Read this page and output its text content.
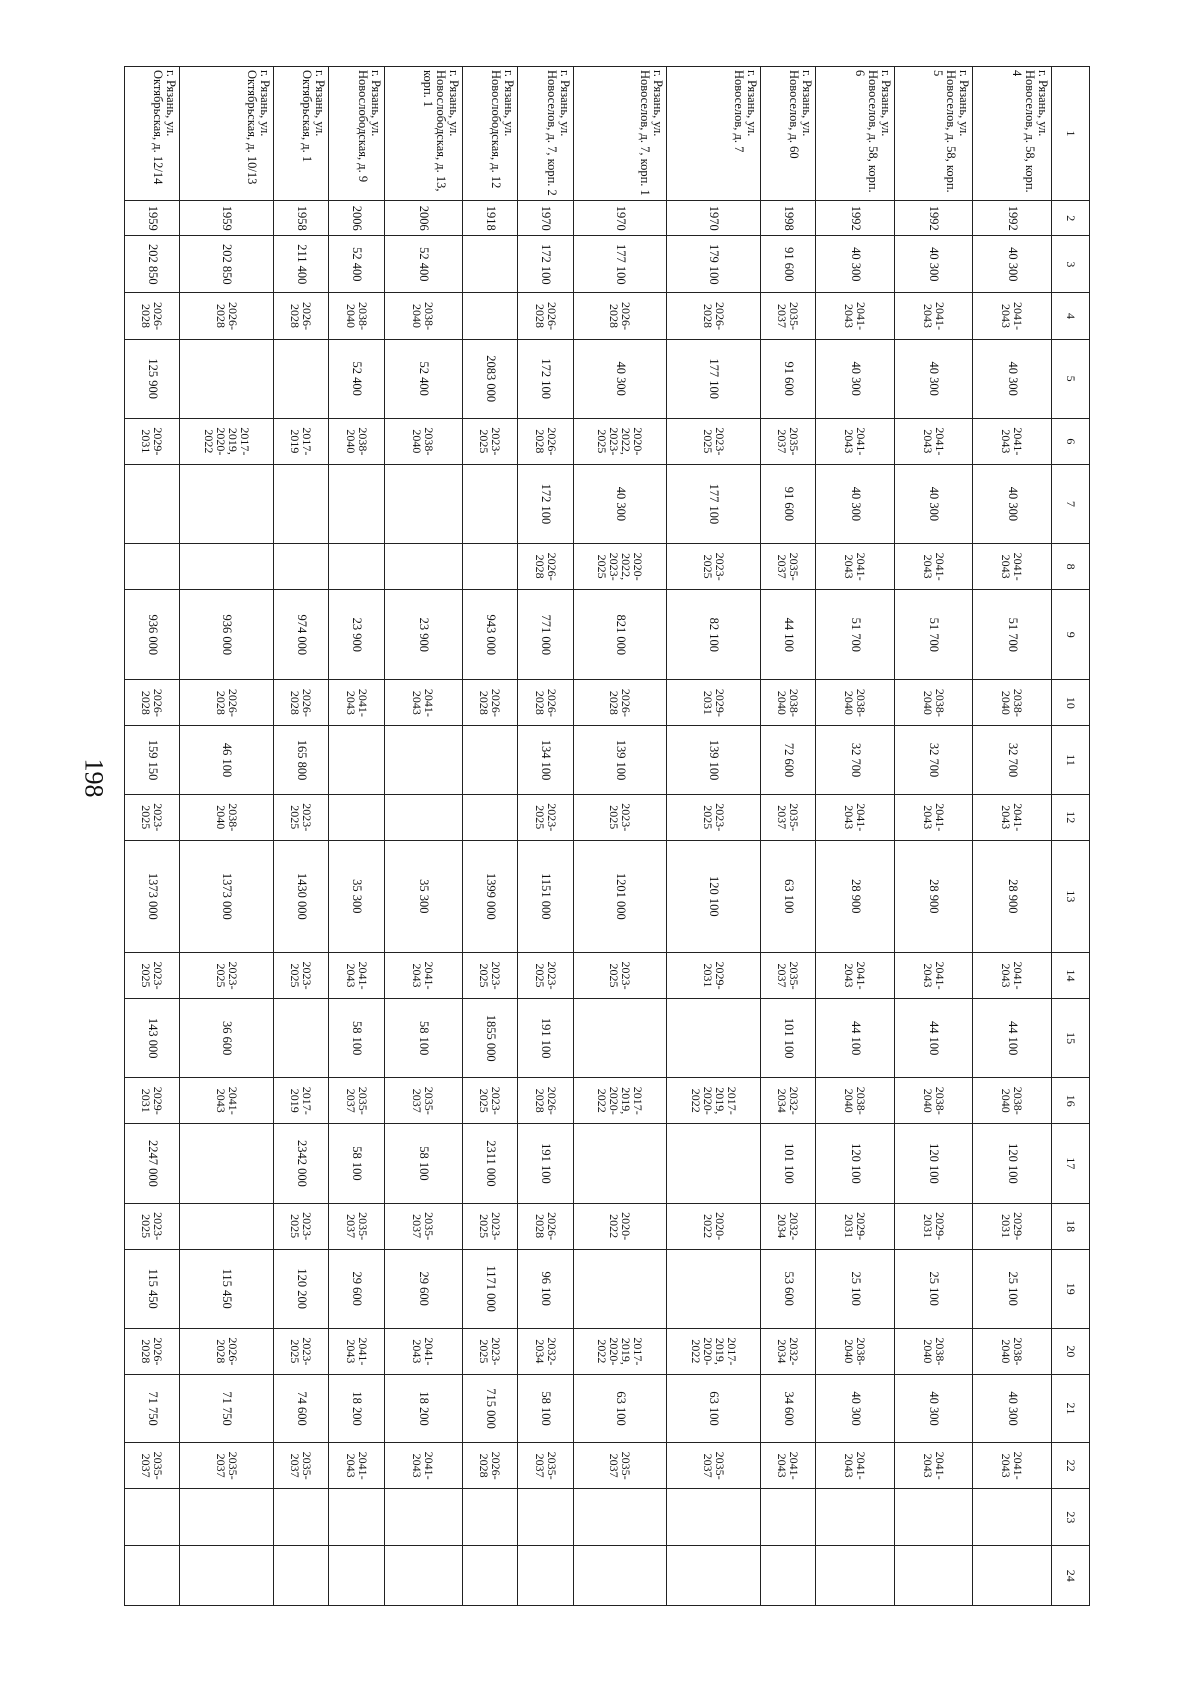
198
1	2	3	4	5	6	7	8	9	10	11	12	13	14	15	16	17	18	19	20	21	22	23	24
г. Рязань, ул. Новоселов, д. 58, корп. 4	1992	40 300	2041-2043	40 300	2041-2043	40 300	2041-2043	51 700	2038-2040	32 700	2041-2043	28 900	2041-2043	44 100	2038-2040	120 100	2029-2031	25 100	2038-2040	40 300	2041-2043		
г. Рязань, ул. Новоселов, д. 58, корп. 5	1992	40 300	2041-2043	40 300	2041-2043	40 300	2041-2043	51 700	2038-2040	32 700	2041-2043	28 900	2041-2043	44 100	2038-2040	120 100	2029-2031	25 100	2038-2040	40 300	2041-2043		
г. Рязань, ул. Новоселов, д. 58, корп. 6	1992	40 300	2041-2043	40 300	2041-2043	40 300	2041-2043	51 700	2038-2040	32 700	2041-2043	28 900	2041-2043	44 100	2038-2040	120 100	2029-2031	25 100	2038-2040	40 300	2041-2043		
г. Рязань, ул. Новоселов, д. 60	1998	91 600	2035-2037	91 600	2035-2037	91 600	2035-2037	44 100	2038-2040	72 600	2035-2037	63 100	2035-2037	101 100	2032-2034	101 100	2032-2034	53 600	2032-2034	34 600	2041-2043		
г. Рязань, ул. Новоселов, д. 7	1970	179 100	2026-2028	177 100	2023-2025	177 100	2023-2025	82 100	2029-2031	139 100	2023-2025	120 100	2029-2031		2017-2019, 2020-2022		2020-2022		2017-2019, 2020-2022	63 100	2035-2037		
г. Рязань, ул. Новоселов, д. 7, корп. 1	1970	177 100	2026-2028	40 300	2020-2022, 2023-2025	40 300	2020-2022, 2023-2025	821 000	2026-2028	139 100	2023-2025	1201 000	2023-2025		2017-2019, 2020-2022		2020-2022		2017-2019, 2020-2022	63 100	2035-2037		
г. Рязань, ул. Новоселов, д. 7, корп. 2	1970	172 100	2026-2028	172 100	2026-2028	172 100	2026-2028	771 000	2026-2028	134 100	2023-2025	1151 000	2023-2025	191 100	2026-2028	191 100	2026-2028	96 100	2032-2034	58 100	2035-2037		
г. Рязань, ул. Новослободская, д. 12	1918			2083 000	2023-2025			943 000	2026-2028			1399 000	2023-2025	1855 000	2023-2025	2311 000	2023-2025	1171 000	2023-2025	715 000	2026-2028		
г. Рязань, ул. Новослободская, д. 13, корп. 1	2006	52 400	2038-2040	52 400	2038-2040			23 900	2041-2043			35 300	2041-2043	58 100	2035-2037	58 100	2035-2037	29 600	2041-2043	18 200	2041-2043		
г. Рязань, ул. Новослободская, д. 9	2006	52 400	2038-2040	52 400	2038-2040			23 900	2041-2043			35 300	2041-2043	58 100	2035-2037	58 100	2035-2037	29 600	2041-2043	18 200	2041-2043		
г. Рязань, ул. Октябрьская, д. 1	1958	211 400	2026-2028		2017-2019			974 000	2026-2028	165 800	2023-2025	1430 000	2023-2025		2017-2019	2342 000	2023-2025	120 200	2023-2025	74 600	2035-2037		
г. Рязань, ул. Октябрьская, д. 10/13	1959	202 850	2026-2028		2017-2019, 2020-2022			936 000	2026-2028	46 100	2038-2040	1373 000	2023-2025	36 600	2041-2043			115 450	2026-2028	71 750	2035-2037		
г. Рязань, ул. Октябрьская, д. 12/14	1959	202 850	2026-2028	125 900	2029-2031			936 000	2026-2028	159 150	2023-2025	1373 000	2023-2025	143 000	2029-2031	2247 000	2023-2025	115 450	2026-2028	71 750	2035-2037		
